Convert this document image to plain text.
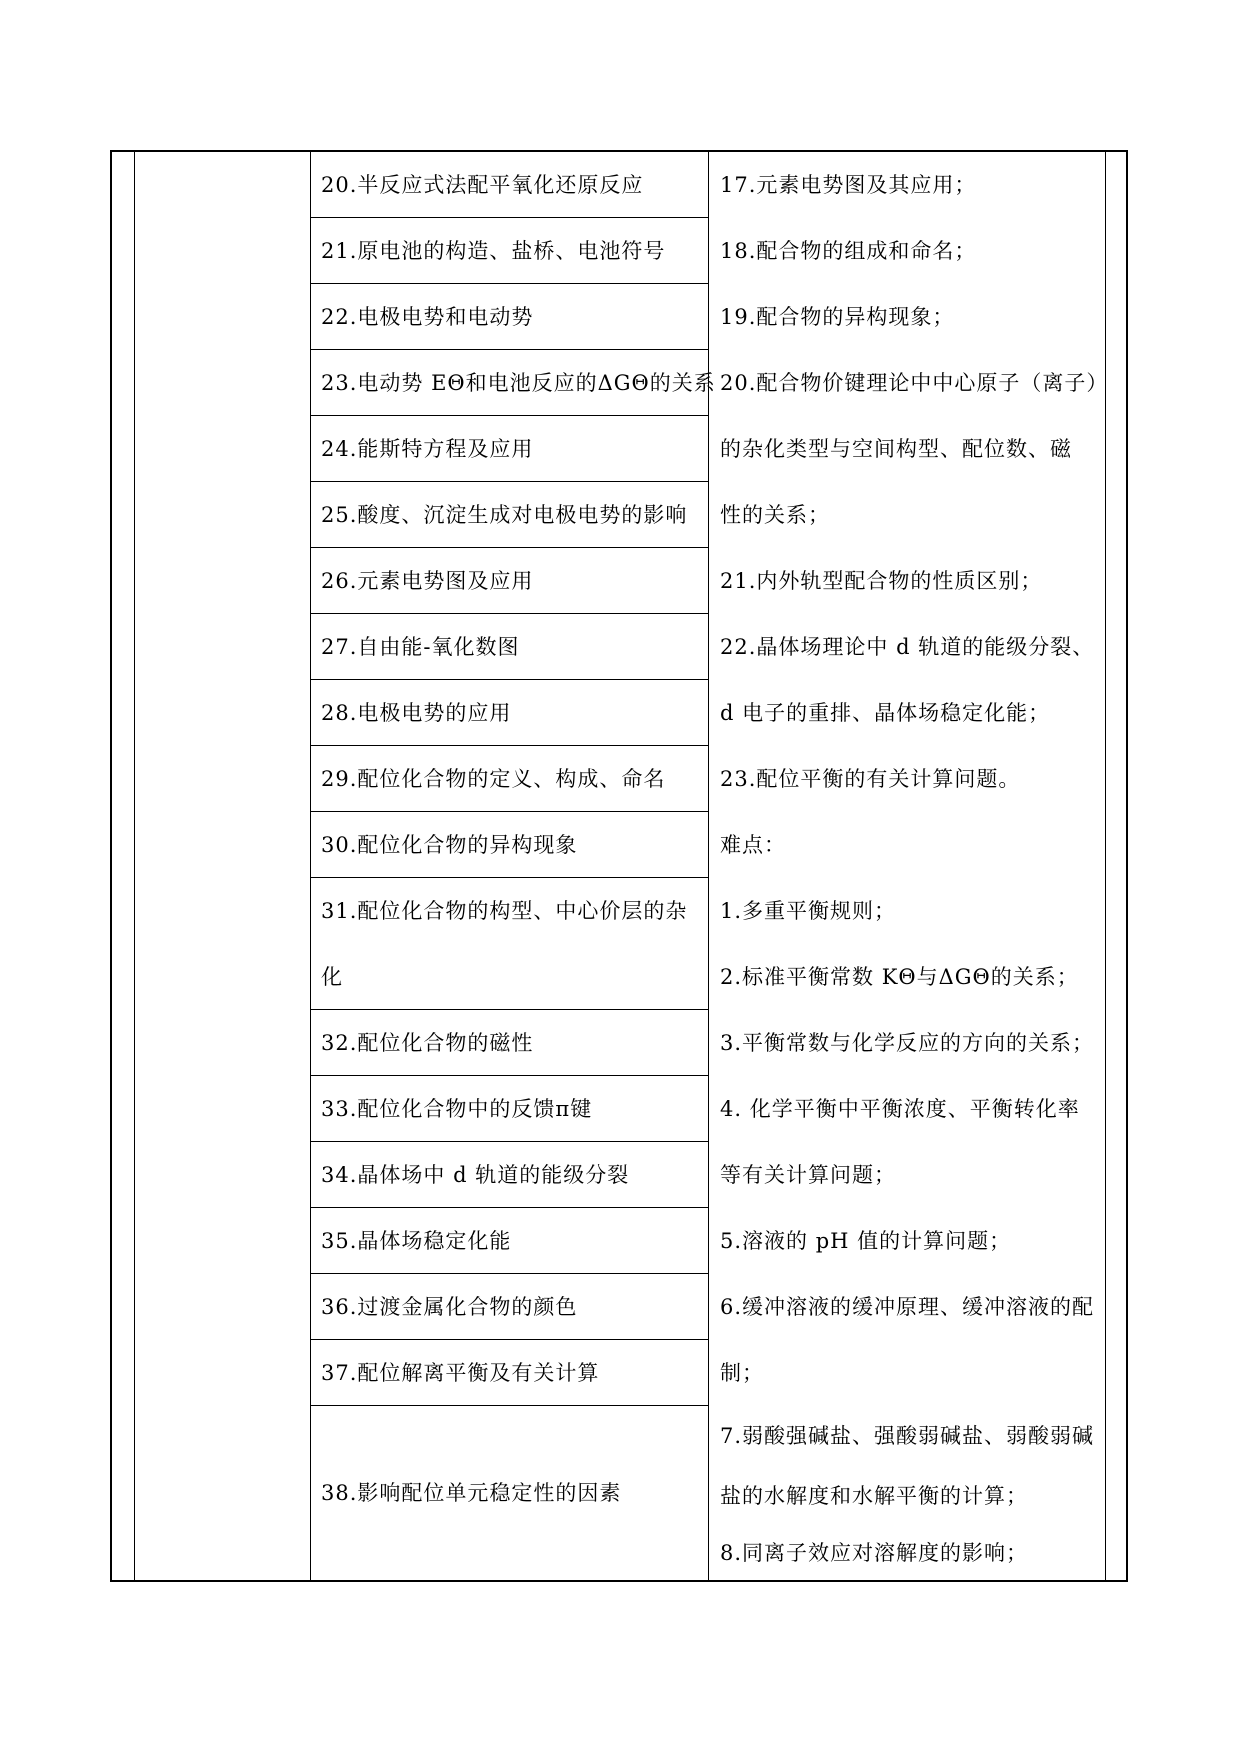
20.半反应式法配平氧化还原反应
21.原电池的构造、盐桥、电池符号
22.电极电势和电动势
23.电动势 EΘ和电池反应的ΔGΘ的关系
24.能斯特方程及应用
25.酸度、沉淀生成对电极电势的影响
26.元素电势图及应用
27.自由能-氧化数图
28.电极电势的应用
29.配位化合物的定义、构成、命名
30.配位化合物的异构现象
31.配位化合物的构型、中心价层的杂
化
32.配位化合物的磁性
33.配位化合物中的反馈π键
34.晶体场中 d 轨道的能级分裂
35.晶体场稳定化能
36.过渡金属化合物的颜色
37.配位解离平衡及有关计算
38.影响配位单元稳定性的因素
17.元素电势图及其应用；
18.配合物的组成和命名；
19.配合物的异构现象；
20.配合物价键理论中中心原子（离子）
的杂化类型与空间构型、配位数、磁
性的关系；
21.内外轨型配合物的性质区别；
22.晶体场理论中 d 轨道的能级分裂、
d 电子的重排、晶体场稳定化能；
23.配位平衡的有关计算问题。
难点：
1.多重平衡规则；
2.标准平衡常数 KΘ与ΔGΘ的关系；
3.平衡常数与化学反应的方向的关系；
4. 化学平衡中平衡浓度、平衡转化率
等有关计算问题；
5.溶液的 pH 值的计算问题；
6.缓冲溶液的缓冲原理、缓冲溶液的配
制；
7.弱酸强碱盐、强酸弱碱盐、弱酸弱碱
盐的水解度和水解平衡的计算；
8.同离子效应对溶解度的影响；
